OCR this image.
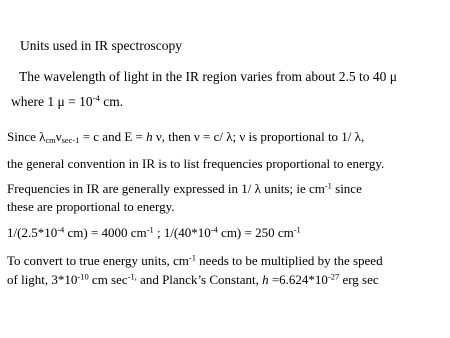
Units used in IR spectroscopy
The wavelength of light in the IR region varies from about 2.5 to 40 μ
where 1 $\mu = 10^{-4}$ cm.
Since $\lambda_{cm}\nu_{sec-1} = c$ and E = h ν, then ν = c/ λ; ν is proportional to 1/ λ,
the general convention in IR is to list frequencies proportional to energy.
Frequencies in IR are generally expressed in 1/ λ units; ie $cm^{-1}$ since
these are proportional to energy.
$1/(2.5*10^{-4}$ cm) = 4000 $cm^{-1}$ ; $1/(40*10^{-4}$ cm) = 250 $cm^{-1}$
To convert to true energy units, $cm^{-1}$ needs to be multiplied by the speed
of light, $3*10^{-10}$ cm $\sec^{-1,}$ and Planck’s Constant, $h =6.624*10^{-27}$ erg sec
